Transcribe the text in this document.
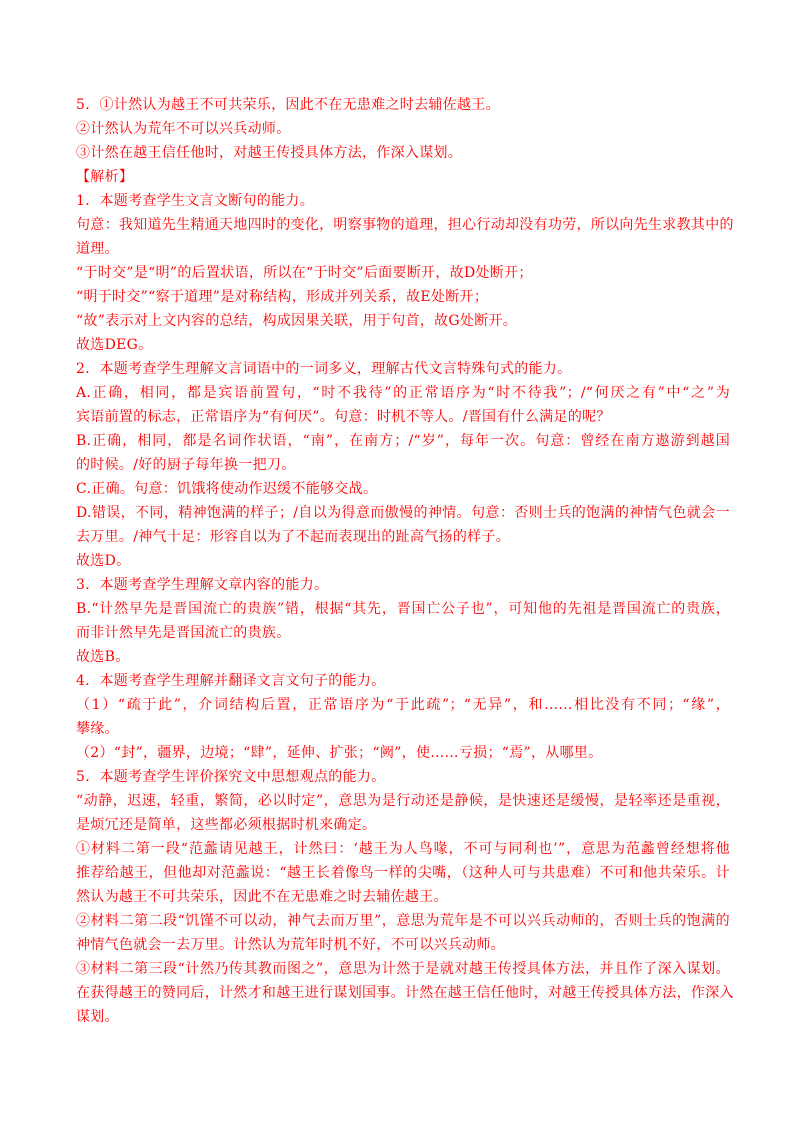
5．①计然认为越王不可共荣乐，因此不在无患难之时去辅佐越王。
②计然认为荒年不可以兴兵动师。
③计然在越王信任他时，对越王传授具体方法，作深入谋划。
【解析】
1．本题考查学生文言文断句的能力。
句意：我知道先生精通天地四时的变化，明察事物的道理，担心行动却没有功劳，所以向先生求教其中的
道理。
“于时交”是“明”的后置状语，所以在“于时交”后面要断开，故D处断开；
“明于时交”“察于道理”是对称结构，形成并列关系，故E处断开；
“故”表示对上文内容的总结，构成因果关联，用于句首，故G处断开。
故选DEG。
2．本题考查学生理解文言词语中的一词多义，理解古代文言特殊句式的能力。
A.正确，相同，都是宾语前置句，“时不我待”的正常语序为“时不待我”；/“何厌之有”中“之”为
宾语前置的标志，正常语序为“有何厌”。句意：时机不等人。/晋国有什么满足的呢？
B.正确，相同，都是名词作状语，“南”，在南方；/“岁”，每年一次。句意：曾经在南方遨游到越国
的时候。/好的厨子每年换一把刀。
C.正确。句意：饥饿将使动作迟缓不能够交战。
D.错误，不同，精神饱满的样子；/自以为得意而傲慢的神情。句意：否则士兵的饱满的神情气色就会一
去万里。/神气十足：形容自以为了不起而表现出的趾高气扬的样子。
故选D。
3．本题考查学生理解文章内容的能力。
B.“计然早先是晋国流亡的贵族”错，根据“其先，晋国亡公子也”，可知他的先祖是晋国流亡的贵族，
而非计然早先是晋国流亡的贵族。
故选B。
4．本题考查学生理解并翻译文言文句子的能力。
（1）“疏于此”，介词结构后置，正常语序为“于此疏”；“无异”，和……相比没有不同；“缘”，
攀缘。
（2）“封”，疆界，边境；“肆”，延伸、扩张；“阙”，使……亏损；“焉”，从哪里。
5．本题考查学生评价探究文中思想观点的能力。
“动静，迟速，轻重，繁简，必以时定”，意思为是行动还是静候，是快速还是缓慢，是轻率还是重视，
是烦冗还是简单，这些都必须根据时机来确定。
①材料二第一段“范蠡请见越王，计然曰：‘越王为人鸟喙，不可与同利也’”，意思为范蠡曾经想将他
推荐给越王，但他却对范蠡说：“越王长着像鸟一样的尖嘴，（这种人可与共患难）不可和他共荣乐。计
然认为越王不可共荣乐，因此不在无患难之时去辅佐越王。
②材料二第二段“饥馑不可以动，神气去而万里”，意思为荒年是不可以兴兵动师的，否则士兵的饱满的
神情气色就会一去万里。计然认为荒年时机不好，不可以兴兵动师。
③材料二第三段“计然乃传其教而图之”，意思为计然于是就对越王传授具体方法，并且作了深入谋划。
在获得越王的赞同后，计然才和越王进行谋划国事。计然在越王信任他时，对越王传授具体方法，作深入
谋划。
